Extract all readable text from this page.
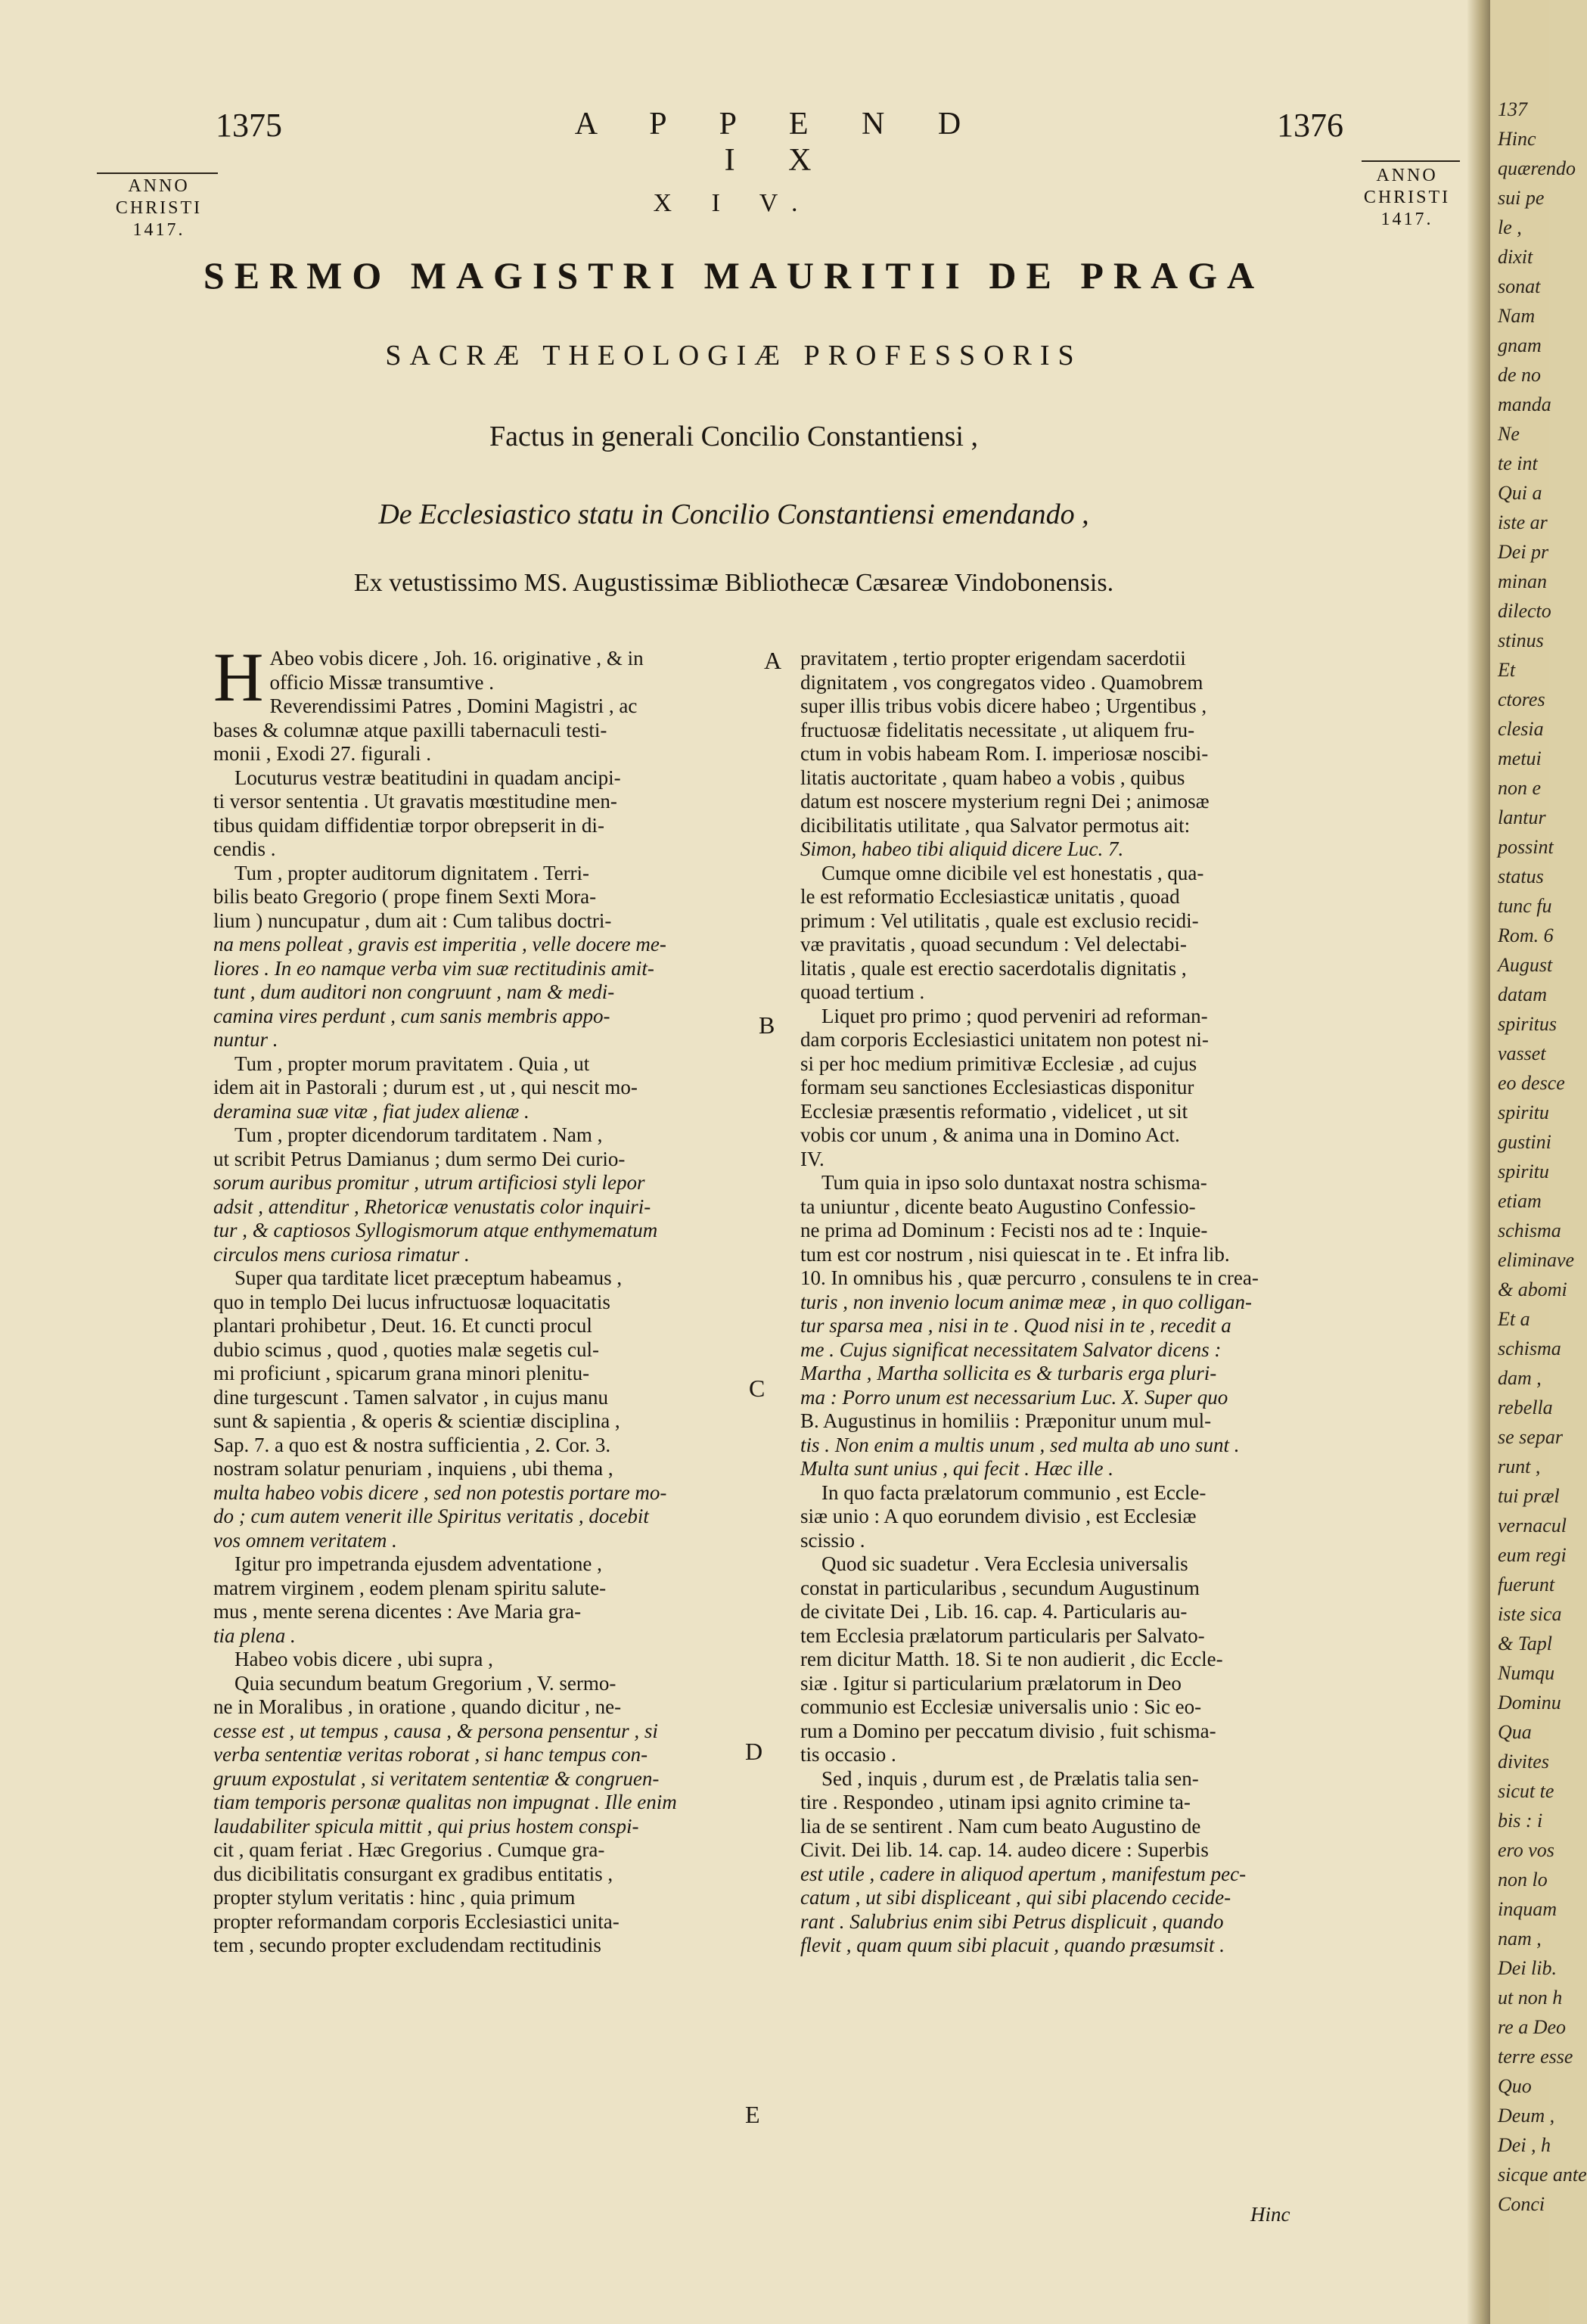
137
Hinc
quærendo
sui pe
le ,
dixit
sonat
Nam
gnam
de no
manda
Ne
te int
Qui a
iste ar
Dei pr
minan
dilecto
stinus
Et
ctores
clesia
metui
non e
lantur
possint
status
tunc fu
Rom. 6
August
datam
spiritus
vasset
eo desce
spiritu
gustini
spiritu
etiam
schisma
eliminave
& abomi
Et a
schisma
dam ,
rebella
se separ
runt ,
tui præl
vernacul
eum regi
fuerunt
iste sica
& Tapl
Numqu
Dominu
Qua
divites
sicut te
bis : i
ero vos
non lo
inquam
nam ,
Dei lib.
ut non h
re a Deo
terre esse
Quo
Deum ,
Dei , h
sicque ante
Conci
1375	A P P E N D I X
1376
ANNO
CHRISTI
1417.
ANNO
CHRISTI
1417.
X I V.
SERMO MAGISTRI MAURITII DE PRAGA
SACRÆ THEOLOGIÆ PROFESSORIS
Factus in generali Concilio Constantiensi ,
De Ecclesiastico statu in Concilio Constantiensi emendando ,
Ex vetustissimo MS. Augustissimæ Bibliothecæ Cæsareæ Vindobonensis.
H Abeo vobis dicere , Joh. 16. originative , & in
officio Missæ transumtive .
Reverendissimi Patres , Domini Magistri , ac
bases & columnæ atque paxilli tabernaculi testi-
monii , Exodi 27. figurali .
Locuturus vestræ beatitudini in quadam ancipi-
ti versor sententia . Ut gravatis mœstitudine men-
tibus quidam diffidentiæ torpor obrepserit in di-
cendis .
Tum , propter auditorum dignitatem . Terri-
bilis beato Gregorio ( prope finem Sexti Mora-
lium ) nuncupatur , dum ait : Cum talibus doctri-
na mens polleat , gravis est imperitia , velle docere me-
liores . In eo namque verba vim suæ rectitudinis amit-
tunt , dum auditori non congruunt , nam & medi-
camina vires perdunt , cum sanis membris appo-
nuntur .
Tum , propter morum pravitatem . Quia , ut
idem ait in Pastorali ; durum est , ut , qui nescit mo-
deramina suæ vitæ , fiat judex alienæ .
Tum , propter dicendorum tarditatem . Nam ,
ut scribit Petrus Damianus ; dum sermo Dei curio-
sorum auribus promitur , utrum artificiosi styli lepor
adsit , attenditur , Rhetoricæ venustatis color inquiri-
tur , & captiosos Syllogismorum atque enthymematum
circulos mens curiosa rimatur .
Super qua tarditate licet præceptum habeamus ,
quo in templo Dei lucus infructuosæ loquacitatis
plantari prohibetur , Deut. 16. Et cuncti procul
dubio scimus , quod , quoties malæ segetis cul-
mi proficiunt , spicarum grana minori plenitu-
dine turgescunt . Tamen salvator , in cujus manu
sunt & sapientia , & operis & scientiæ disciplina ,
Sap. 7. a quo est & nostra sufficientia , 2. Cor. 3.
nostram solatur penuriam , inquiens , ubi thema ,
multa habeo vobis dicere , sed non potestis portare mo-
do ; cum autem venerit ille Spiritus veritatis , docebit
vos omnem veritatem .
Igitur pro impetranda ejusdem adventatione ,
matrem virginem , eodem plenam spiritu salute-
mus , mente serena dicentes : Ave Maria gra-
tia plena .
Habeo vobis dicere , ubi supra ,
Quia secundum beatum Gregorium , V. sermo-
ne in Moralibus , in oratione , quando dicitur , ne-
cesse est , ut tempus , causa , & persona pensentur , si
verba sententiæ veritas roborat , si hanc tempus con-
gruum expostulat , si veritatem sententiæ & congruen-
tiam temporis personæ qualitas non impugnat . Ille enim
laudabiliter spicula mittit , qui prius hostem conspi-
cit , quam feriat . Hæc Gregorius . Cumque gra-
dus dicibilitatis consurgant ex gradibus entitatis ,
propter stylum veritatis : hinc , quia primum
propter reformandam corporis Ecclesiastici unita-
tem , secundo propter excludendam rectitudinis
pravitatem , tertio propter erigendam sacerdotii
dignitatem , vos congregatos video . Quamobrem
super illis tribus vobis dicere habeo ; Urgentibus ,
fructuosæ fidelitatis necessitate , ut aliquem fru-
ctum in vobis habeam Rom. I. imperiosæ noscibi-
litatis auctoritate , quam habeo a vobis , quibus
datum est noscere mysterium regni Dei ; animosæ
dicibilitatis utilitate , qua Salvator permotus ait:
Simon, habeo tibi aliquid dicere Luc. 7.
Cumque omne dicibile vel est honestatis , qua-
le est reformatio Ecclesiasticæ unitatis , quoad
primum : Vel utilitatis , quale est exclusio recidi-
væ pravitatis , quoad secundum : Vel delectabi-
litatis , quale est erectio sacerdotalis dignitatis ,
quoad tertium .
Liquet pro primo ; quod perveniri ad reforman-
dam corporis Ecclesiastici unitatem non potest ni-
si per hoc medium primitivæ Ecclesiæ , ad cujus
formam seu sanctiones Ecclesiasticas disponitur
Ecclesiæ præsentis reformatio , videlicet , ut sit
vobis cor unum , & anima una in Domino Act.
IV.
Tum quia in ipso solo duntaxat nostra schisma-
ta uniuntur , dicente beato Augustino Confessio-
ne prima ad Dominum : Fecisti nos ad te : Inquie-
tum est cor nostrum , nisi quiescat in te . Et infra lib.
10. In omnibus his , quæ percurro , consulens te in crea-
turis , non invenio locum animæ meæ , in quo colligan-
tur sparsa mea , nisi in te . Quod nisi in te , recedit a
me . Cujus significat necessitatem Salvator dicens :
Martha , Martha sollicita es & turbaris erga pluri-
ma : Porro unum est necessarium Luc. X. Super quo
B. Augustinus in homiliis : Præponitur unum mul-
tis . Non enim a multis unum , sed multa ab uno sunt .
Multa sunt unius , qui fecit . Hæc ille .
In quo facta prælatorum communio , est Eccle-
siæ unio : A quo eorundem divisio , est Ecclesiæ
scissio .
Quod sic suadetur . Vera Ecclesia universalis
constat in particularibus , secundum Augustinum
de civitate Dei , Lib. 16. cap. 4. Particularis au-
tem Ecclesia prælatorum particularis per Salvato-
rem dicitur Matth. 18. Si te non audierit , dic Eccle-
siæ . Igitur si particularium prælatorum in Deo
communio est Ecclesiæ universalis unio : Sic eo-
rum a Domino per peccatum divisio , fuit schisma-
tis occasio .
Sed , inquis , durum est , de Prælatis talia sen-
tire . Respondeo , utinam ipsi agnito crimine ta-
lia de se sentirent . Nam cum beato Augustino de
Civit. Dei lib. 14. cap. 14. audeo dicere : Superbis
est utile , cadere in aliquod apertum , manifestum pec-
catum , ut sibi displiceant , qui sibi placendo cecide-
rant . Salubrius enim sibi Petrus displicuit , quando
flevit , quam quum sibi placuit , quando præsumsit .
A
B
C
D
E
Hinc
